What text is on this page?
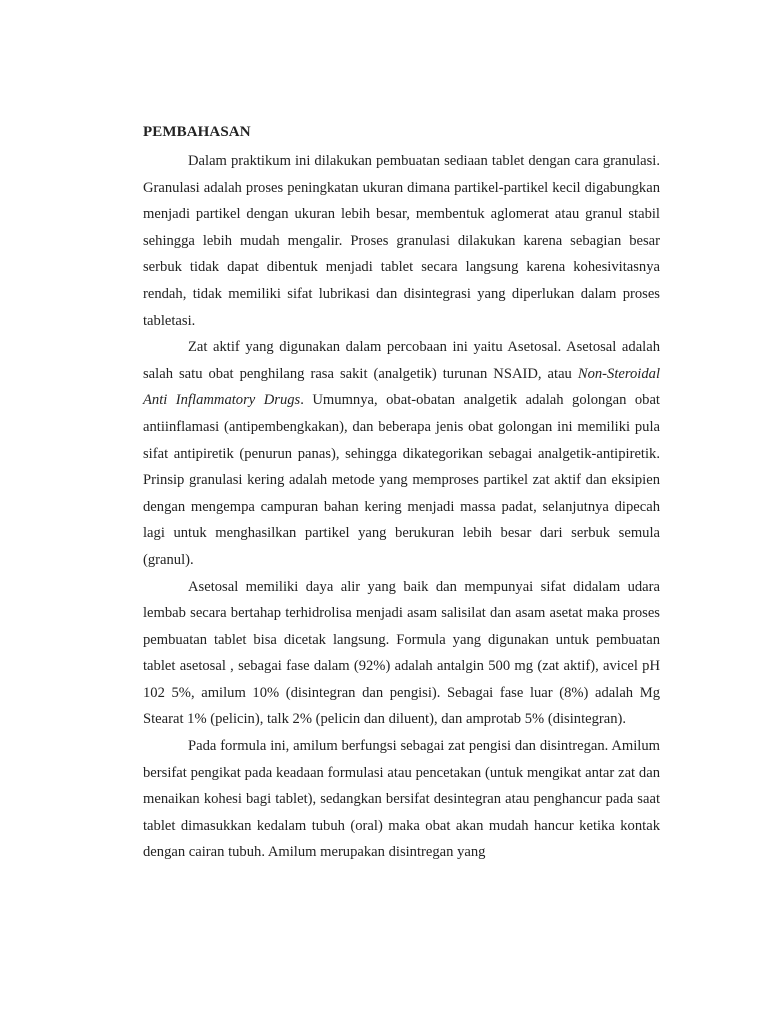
PEMBAHASAN

Dalam praktikum ini dilakukan pembuatan sediaan tablet dengan cara granulasi. Granulasi adalah proses peningkatan ukuran dimana partikel-partikel kecil digabungkan menjadi partikel dengan ukuran lebih besar, membentuk aglomerat atau granul stabil sehingga lebih mudah mengalir. Proses granulasi dilakukan karena sebagian besar serbuk tidak dapat dibentuk menjadi tablet secara langsung karena kohesivitasnya rendah, tidak memiliki sifat lubrikasi dan disintegrasi yang diperlukan dalam proses tabletasi.

Zat aktif yang digunakan dalam percobaan ini yaitu Asetosal. Asetosal adalah salah satu obat penghilang rasa sakit (analgetik) turunan NSAID, atau Non-Steroidal Anti Inflammatory Drugs. Umumnya, obat-obatan analgetik adalah golongan obat antiinflamasi (antipembengkakan), dan beberapa jenis obat golongan ini memiliki pula sifat antipiretik (penurun panas), sehingga dikategorikan sebagai analgetik-antipiretik. Prinsip granulasi kering adalah metode yang memproses partikel zat aktif dan eksipien dengan mengempa campuran bahan kering menjadi massa padat, selanjutnya dipecah lagi untuk menghasilkan partikel yang berukuran lebih besar dari serbuk semula (granul).

Asetosal memiliki daya alir yang baik dan mempunyai sifat didalam udara lembab secara bertahap terhidrolisa menjadi asam salisilat dan asam asetat maka proses pembuatan tablet bisa dicetak langsung. Formula yang digunakan untuk pembuatan tablet asetosal , sebagai fase dalam (92%) adalah antalgin 500 mg (zat aktif), avicel pH 102 5%, amilum 10% (disintegran dan pengisi). Sebagai fase luar (8%) adalah Mg Stearat 1% (pelicin), talk 2% (pelicin dan diluent), dan amprotab 5% (disintegran).

Pada formula ini, amilum berfungsi sebagai zat pengisi dan disintregan. Amilum bersifat pengikat pada keadaan formulasi atau pencetakan (untuk mengikat antar zat dan menaikan kohesi bagi tablet), sedangkan bersifat desintegran atau penghancur pada saat tablet dimasukkan kedalam tubuh (oral) maka obat akan mudah hancur ketika kontak dengan cairan tubuh. Amilum merupakan disintregan yang
